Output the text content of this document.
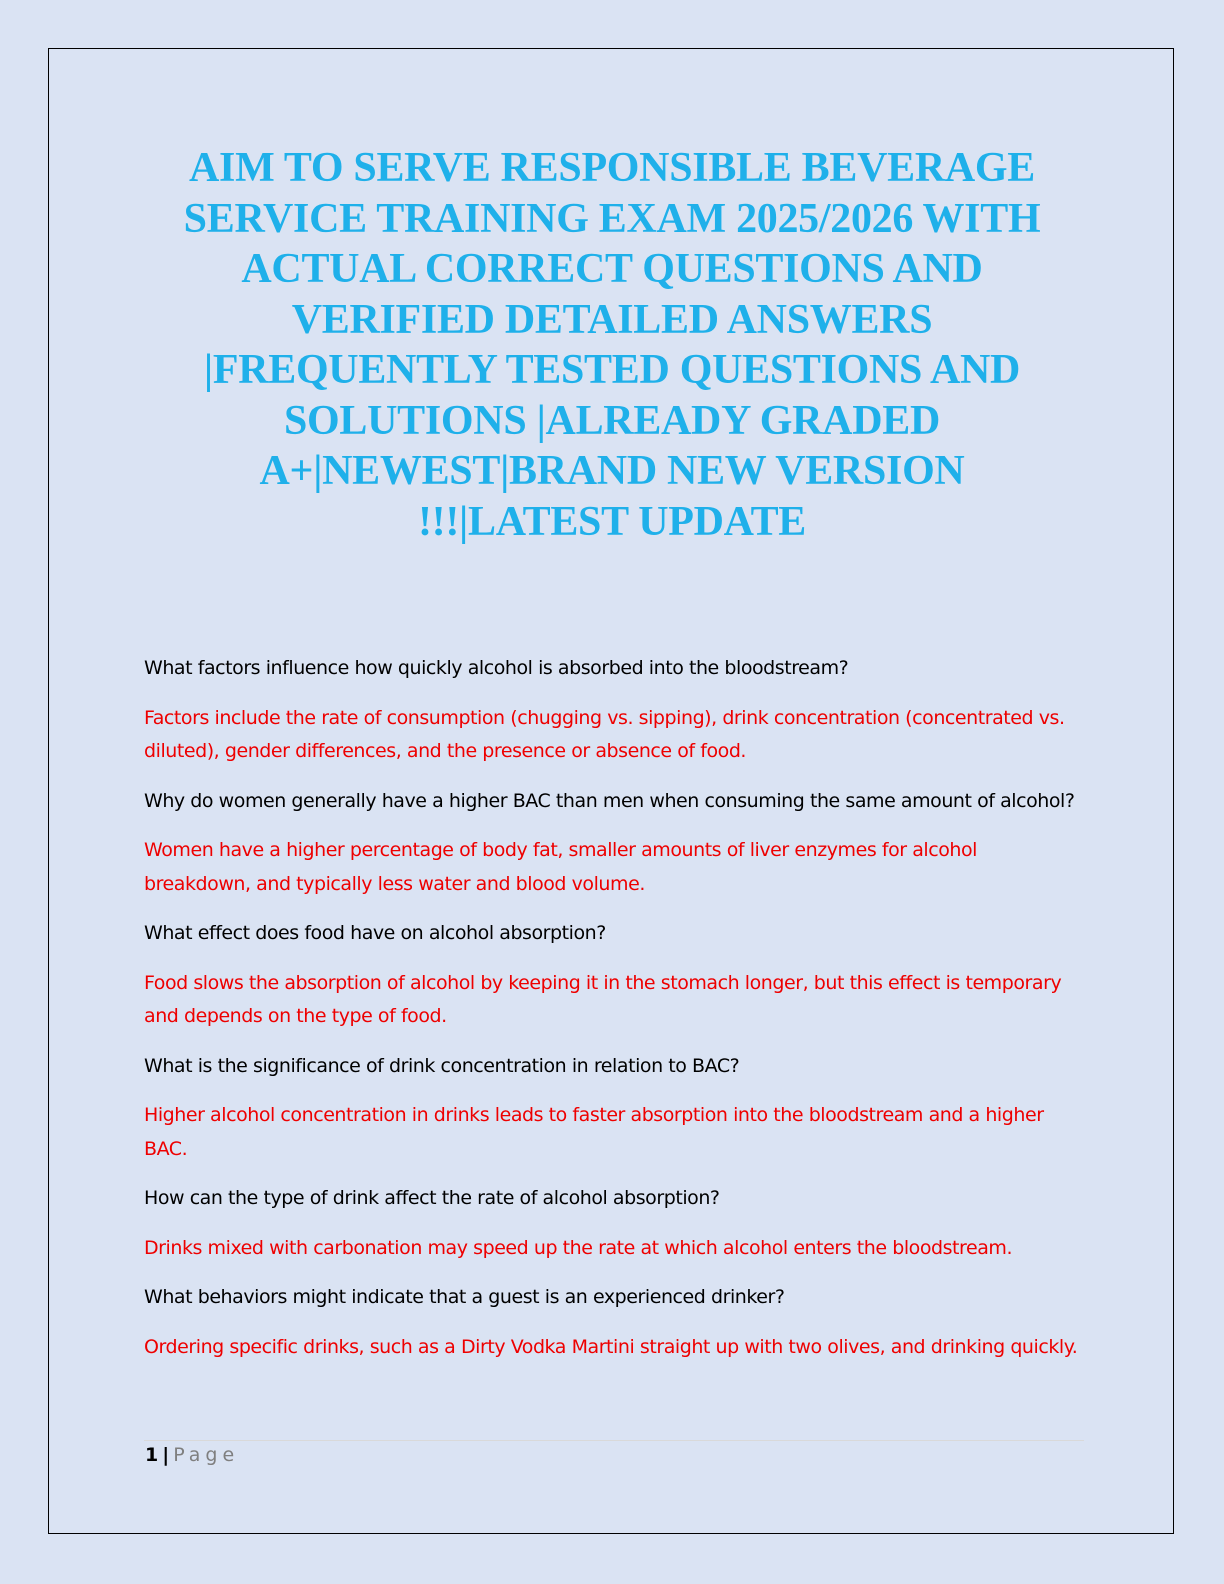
AIM TO SERVE RESPONSIBLE BEVERAGE
SERVICE TRAINING EXAM 2025/2026 WITH
ACTUAL CORRECT QUESTIONS AND
VERIFIED DETAILED ANSWERS
|FREQUENTLY TESTED QUESTIONS AND
SOLUTIONS |ALREADY GRADED
A+|NEWEST|BRAND NEW VERSION
!!!|LATEST UPDATE

What factors influence how quickly alcohol is absorbed into the bloodstream?

Factors include the rate of consumption (chugging vs. sipping), drink concentration (concentrated vs. diluted), gender differences, and the presence or absence of food.

Why do women generally have a higher BAC than men when consuming the same amount of alcohol?

Women have a higher percentage of body fat, smaller amounts of liver enzymes for alcohol breakdown, and typically less water and blood volume.

What effect does food have on alcohol absorption?

Food slows the absorption of alcohol by keeping it in the stomach longer, but this effect is temporary and depends on the type of food.

What is the significance of drink concentration in relation to BAC?

Higher alcohol concentration in drinks leads to faster absorption into the bloodstream and a higher BAC.

How can the type of drink affect the rate of alcohol absorption?

Drinks mixed with carbonation may speed up the rate at which alcohol enters the bloodstream.

What behaviors might indicate that a guest is an experienced drinker?

Ordering specific drinks, such as a Dirty Vodka Martini straight up with two olives, and drinking quickly.

1 | Page
